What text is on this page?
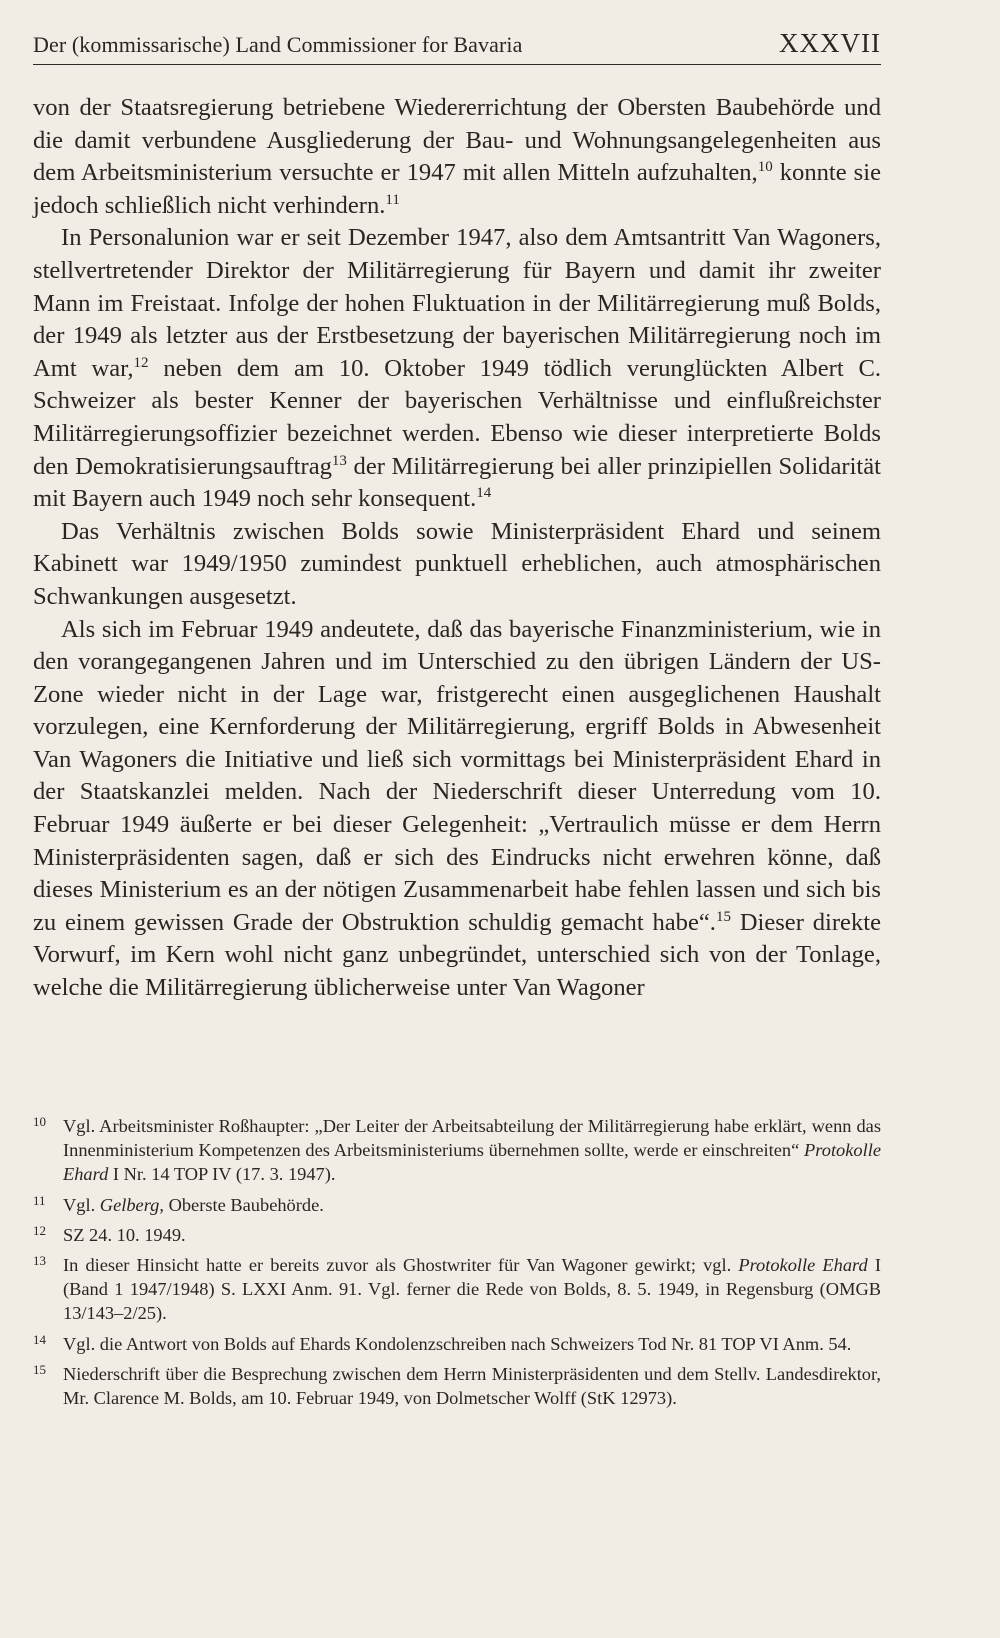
Der (kommissarische) Land Commissioner for Bavaria	XXXVII

von der Staatsregierung betriebene Wiedererrichtung der Obersten Baubehörde und die damit verbundene Ausgliederung der Bau- und Wohnungsangelegenheiten aus dem Arbeitsministerium versuchte er 1947 mit allen Mitteln aufzuhalten,$^{10}$ konnte sie jedoch schließlich nicht verhindern.$^{11}$

In Personalunion war er seit Dezember 1947, also dem Amtsantritt Van Wagoners, stellvertretender Direktor der Militärregierung für Bayern und damit ihr zweiter Mann im Freistaat. Infolge der hohen Fluktuation in der Militärregierung muß Bolds, der 1949 als letzter aus der Erstbesetzung der bayerischen Militärregierung noch im Amt war,$^{12}$ neben dem am 10. Oktober 1949 tödlich verunglückten Albert C. Schweizer als bester Kenner der bayerischen Verhältnisse und einflußreichster Militärregierungsoffizier bezeichnet werden. Ebenso wie dieser interpretierte Bolds den Demokratisierungsauftrag$^{13}$ der Militärregierung bei aller prinzipiellen Solidarität mit Bayern auch 1949 noch sehr konsequent.$^{14}$

Das Verhältnis zwischen Bolds sowie Ministerpräsident Ehard und seinem Kabinett war 1949/1950 zumindest punktuell erheblichen, auch atmosphärischen Schwankungen ausgesetzt.

Als sich im Februar 1949 andeutete, daß das bayerische Finanzministerium, wie in den vorangegangenen Jahren und im Unterschied zu den übrigen Ländern der US-Zone wieder nicht in der Lage war, fristgerecht einen ausgeglichenen Haushalt vorzulegen, eine Kernforderung der Militärregierung, ergriff Bolds in Abwesenheit Van Wagoners die Initiative und ließ sich vormittags bei Ministerpräsident Ehard in der Staatskanzlei melden. Nach der Niederschrift dieser Unterredung vom 10. Februar 1949 äußerte er bei dieser Gelegenheit: „Vertraulich müsse er dem Herrn Ministerpräsidenten sagen, daß er sich des Eindrucks nicht erwehren könne, daß dieses Ministerium es an der nötigen Zusammenarbeit habe fehlen lassen und sich bis zu einem gewissen Grade der Obstruktion schuldig gemacht habe“.$^{15}$ Dieser direkte Vorwurf, im Kern wohl nicht ganz unbegründet, unterschied sich von der Tonlage, welche die Militärregierung üblicherweise unter Van Wagoner

10 Vgl. Arbeitsminister Roßhaupter: „Der Leiter der Arbeitsabteilung der Militärregierung habe erklärt, wenn das Innenministerium Kompetenzen des Arbeitsministeriums übernehmen sollte, werde er einschreiten“ Protokolle Ehard I Nr. 14 TOP IV (17. 3. 1947).
11 Vgl. Gelberg, Oberste Baubehörde.
12 SZ 24. 10. 1949.
13 In dieser Hinsicht hatte er bereits zuvor als Ghostwriter für Van Wagoner gewirkt; vgl. Protokolle Ehard I (Band 1 1947/1948) S. LXXI Anm. 91. Vgl. ferner die Rede von Bolds, 8. 5. 1949, in Regensburg (OMGB 13/143–2/25).
14 Vgl. die Antwort von Bolds auf Ehards Kondolenzschreiben nach Schweizers Tod Nr. 81 TOP VI Anm. 54.
15 Niederschrift über die Besprechung zwischen dem Herrn Ministerpräsidenten und dem Stellv. Landesdirektor, Mr. Clarence M. Bolds, am 10. Februar 1949, von Dolmetscher Wolff (StK 12973).
